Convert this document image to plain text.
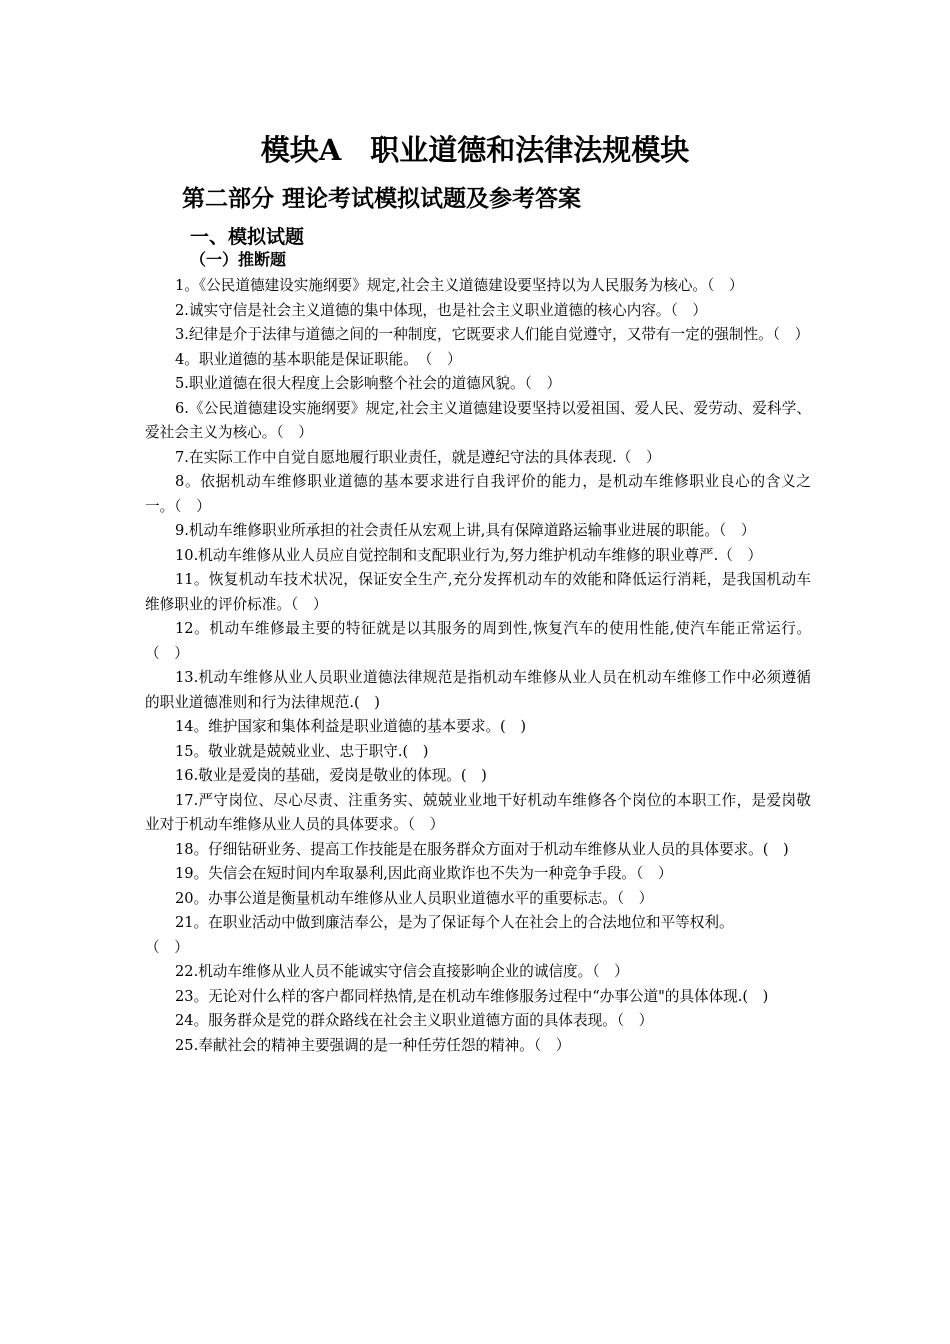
模块A　职业道德和法律法规模块
第二部分 理论考试模拟试题及参考答案
一、模拟试题
（一）推断题

1。《公民道德建设实施纲要》规定,社会主义道德建设要坚持以为人民服务为核心。（　）

2.诚实守信是社会主义道德的集中体现，也是社会主义职业道德的核心内容。（　）

3.纪律是介于法律与道德之间的一种制度，它既要求人们能自觉遵守，又带有一定的强制性。（　）

4。职业道德的基本职能是保证职能。　（　）

5.职业道德在很大程度上会影响整个社会的道德风貌。（　）

6.《公民道德建设实施纲要》规定,社会主义道德建设要坚持以爱祖国、爱人民、爱劳动、爱科学、爱社会主义为核心。（　）

7.在实际工作中自觉自愿地履行职业责任，就是遵纪守法的具体表现.（　）

8。依据机动车维修职业道德的基本要求进行自我评价的能力，是机动车维修职业良心的含义之一。（　）

9.机动车维修职业所承担的社会责任从宏观上讲,具有保障道路运输事业进展的职能。（　）

10.机动车维修从业人员应自觉控制和支配职业行为,努力维护机动车维修的职业尊严.（　）

11。恢复机动车技术状况，保证安全生产,充分发挥机动车的效能和降低运行消耗，是我国机动车维修职业的评价标准。（　）

12。机动车维修最主要的特征就是以其服务的周到性,恢复汽车的使用性能,使汽车能正常运行。（　）

13.机动车维修从业人员职业道德法律规范是指机动车维修从业人员在机动车维修工作中必须遵循的职业道德准则和行为法律规范.(　)

14。维护国家和集体利益是职业道德的基本要求。(　)

15。敬业就是兢兢业业、忠于职守.(　)

16.敬业是爱岗的基础，爱岗是敬业的体现。(　)

17.严守岗位、尽心尽责、注重务实、兢兢业业地干好机动车维修各个岗位的本职工作，是爱岗敬业对于机动车维修从业人员的具体要求。（　）

18。仔细钻研业务、提高工作技能是在服务群众方面对于机动车维修从业人员的具体要求。(　)

19。失信会在短时间内牟取暴利,因此商业欺诈也不失为一种竞争手段。（　）

20。办事公道是衡量机动车维修从业人员职业道德水平的重要标志。（　）

21。在职业活动中做到廉洁奉公，是为了保证每个人在社会上的合法地位和平等权利。
（　）

22.机动车维修从业人员不能诚实守信会直接影响企业的诚信度。（　）

23。无论对什么样的客户都同样热情,是在机动车维修服务过程中“办事公道"的具体体现.(　)

24。服务群众是党的群众路线在社会主义职业道德方面的具体表现。（　）

25.奉献社会的精神主要强调的是一种任劳任怨的精神。（　）
